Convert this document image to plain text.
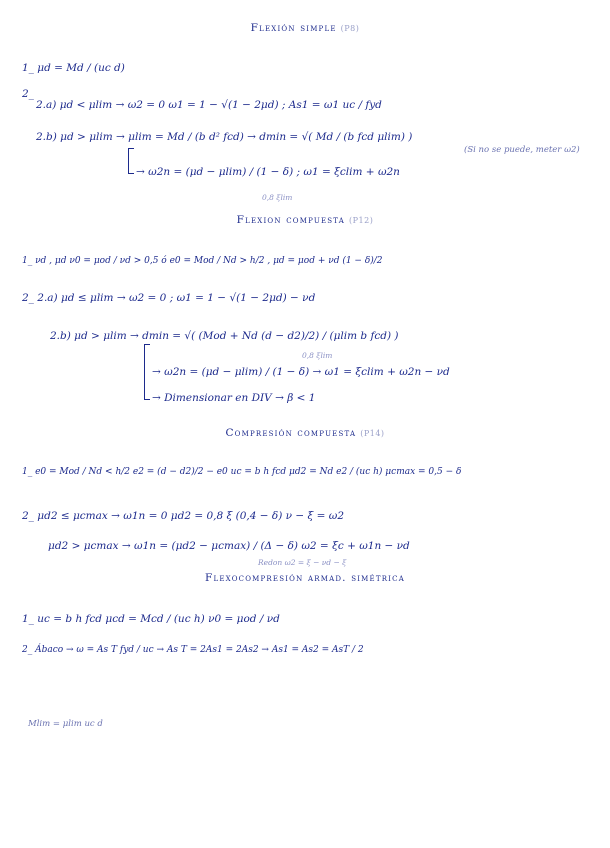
Flexión simple (P8)
1_ μd = Md / (uc d)
2_
2.a) μd < μlim → ω2 = 0 ω1 = 1 − √(1 − 2μd) ; As1 = ω1 uc / fyd
2.b) μd > μlim → μlim = Md / (b d² fcd) → dmin = √( Md / (b fcd μlim) )
(Si no se puede, meter ω2)
→ ω2n = (μd − μlim) / (1 − δ) ; ω1 = ξclim + ω2n
0,8 ξlim
Flexion compuesta (P12)
1_ νd , μd ν0 = μod / νd > 0,5 ó e0 = Mod / Nd > h/2 , μd = μod + νd (1 − δ)/2
2_ 2.a) μd ≤ μlim → ω2 = 0 ; ω1 = 1 − √(1 − 2μd) − νd
2.b) μd > μlim → dmin = √( (Mod + Nd (d − d2)/2) / (μlim b fcd) )
0,8 ξlim
→ ω2n = (μd − μlim) / (1 − δ) → ω1 = ξclim + ω2n − νd
→ Dimensionar en DIV → β < 1
Compresión compuesta (P14)
1_ e0 = Mod / Nd < h/2 e2 = (d − d2)/2 − e0 uc = b h fcd μd2 = Nd e2 / (uc h) μcmax = 0,5 − δ
2_ μd2 ≤ μcmax → ω1n = 0 μd2 = 0,8 ξ (0,4 − δ) ν − ξ = ω2
μd2 > μcmax → ω1n = (μd2 − μcmax) / (Δ − δ) ω2 = ξc + ω1n − νd
Redon ω2 = ξ − νd − ξ
Flexocompresión armad. simétrica
1_ uc = b h fcd μcd = Mcd / (uc h) ν0 = μod / νd
2_ Ábaco → ω = As T fyd / uc → As T = 2As1 = 2As2 → As1 = As2 = AsT / 2
Mlim = μlim uc d
